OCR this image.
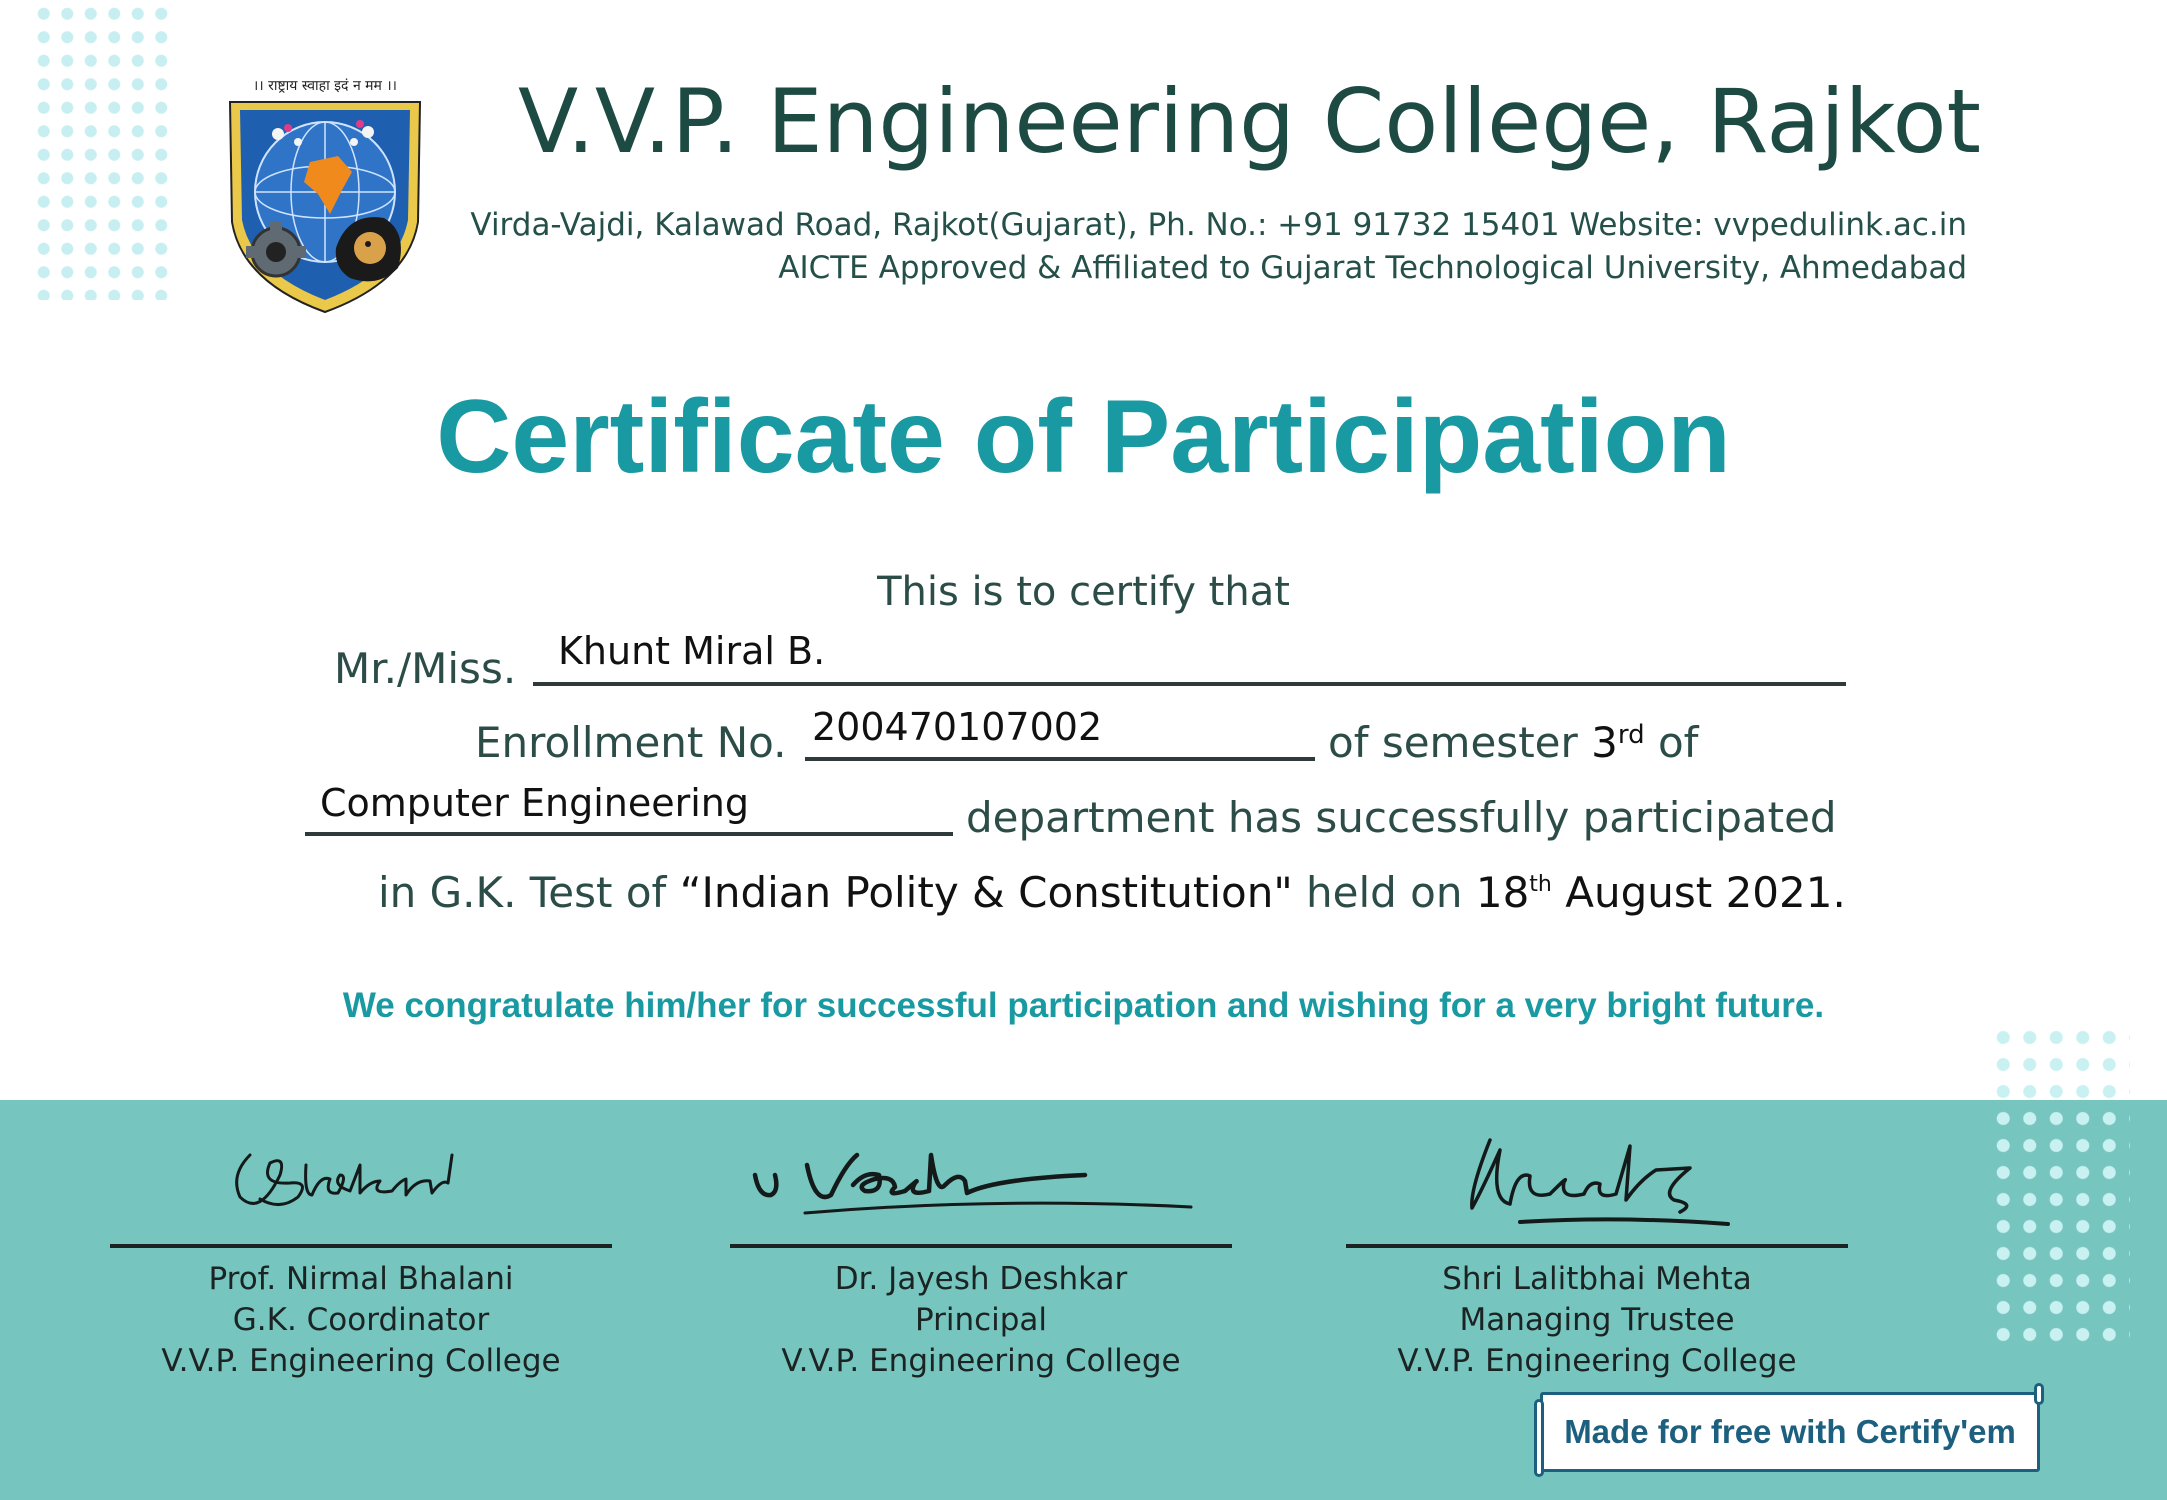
।। राष्ट्राय स्वाहा इदं न मम ।। V.V.P. Engineering College, Rajkot
Virda-Vajdi, Kalawad Road, Rajkot(Gujarat), Ph. No.: +91 91732 15401 Website: vvpedulink.ac.in
AICTE Approved & Affiliated to Gujarat Technological University, Ahmedabad
Certificate of Participation
This is to certify that
Mr./Miss. Khunt Miral B.
Enrollment No. 200470107002	of semester 3rd of
Computer Engineering	department has successfully participated
in G.K. Test of “Indian Polity & Constitution" held on 18th August 2021.
We congratulate him/her for successful participation and wishing for a very bright future.
Prof. Nirmal Bhalani
G.K. Coordinator
V.V.P. Engineering College
Dr. Jayesh Deshkar
Principal
V.V.P. Engineering College
Shri Lalitbhai Mehta
Managing Trustee
V.V.P. Engineering College
Made for free with Certify'em
